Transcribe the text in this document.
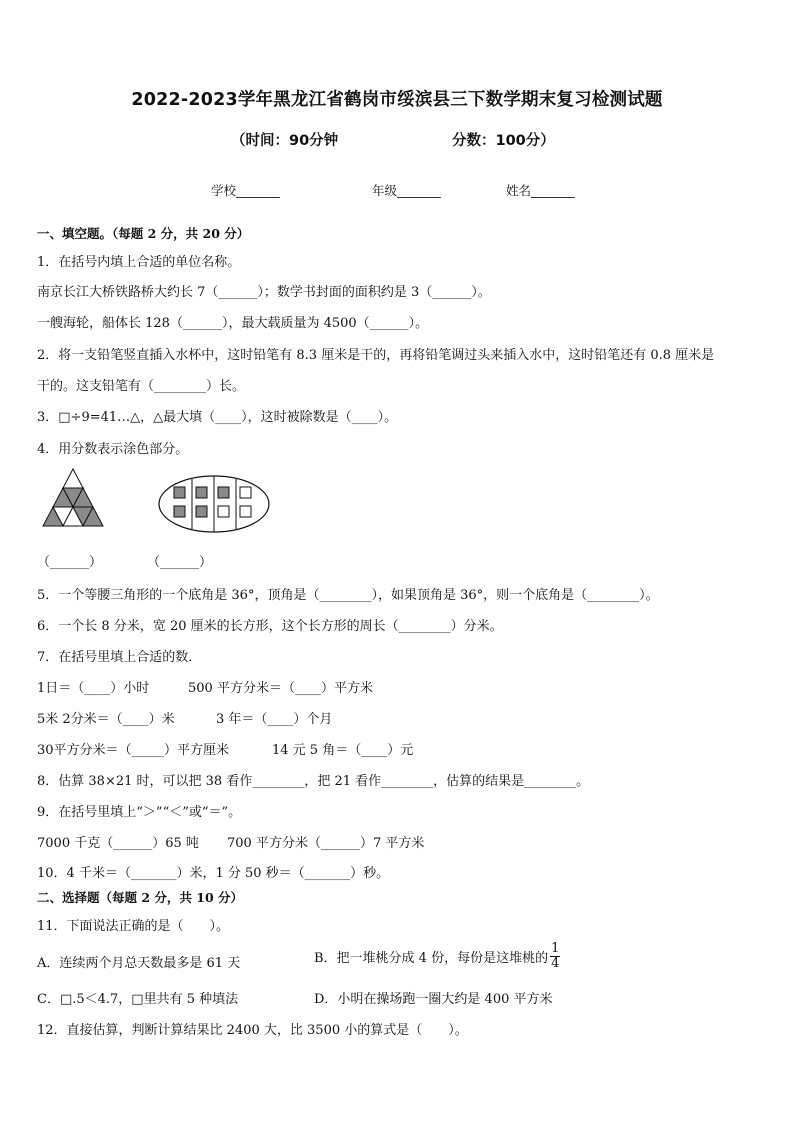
2022-2023学年黑龙江省鹤岗市绥滨县三下数学期末复习检测试题
（时间：90分钟	分数：100分）
学校_______	年级_______	姓名_______
一、填空题。（每题 2 分，共 20 分）
1．在括号内填上合适的单位名称。
南京长江大桥铁路桥大约长 7（______）；数学书封面的面积约是 3（______）。
一艘海轮，船体长 128（______），最大载质量为 4500（______）。
2．将一支铅笔竖直插入水杯中，这时铅笔有 8.3 厘米是干的，再将铅笔调过头来插入水中，这时铅笔还有 0.8 厘米是
干的。这支铅笔有（________）长。
3．□÷9=41…△，△最大填（____），这时被除数是（____）。
4．用分数表示涂色部分。
（______）	（______）
5．一个等腰三角形的一个底角是 36°，顶角是（________），如果顶角是 36°，则一个底角是（________）。
6．一个长 8 分米，宽 20 厘米的长方形，这个长方形的周长（________）分米。
7．在括号里填上合适的数．
1日＝（____）小时	500 平方分米＝（____）平方米
5米 2分米＝（____）米	3 年＝（____）个月
30平方分米＝（_____）平方厘米	14 元 5 角＝（____）元
8．估算 38×21 时，可以把 38 看作________，把 21 看作________，估算的结果是________。
9．在括号里填上“＞”“＜”或“＝”。
7000 千克（______）65 吨 700 平方分米（______）7 平方米
10．4 千米＝（_______）米，1 分 50 秒＝（_______）秒。
二、选择题（每题 2 分，共 10 分）
11．下面说法正确的是（　　）。
A．连续两个月总天数最多是 61 天	B．把一堆桃分成 4 份，每份是这堆桃的 $\frac{1}{4}$
C．□.5＜4.7，□里共有 5 种填法	D．小明在操场跑一圈大约是 400 平方米
12．直接估算，判断计算结果比 2400 大，比 3500 小的算式是（　　）。
